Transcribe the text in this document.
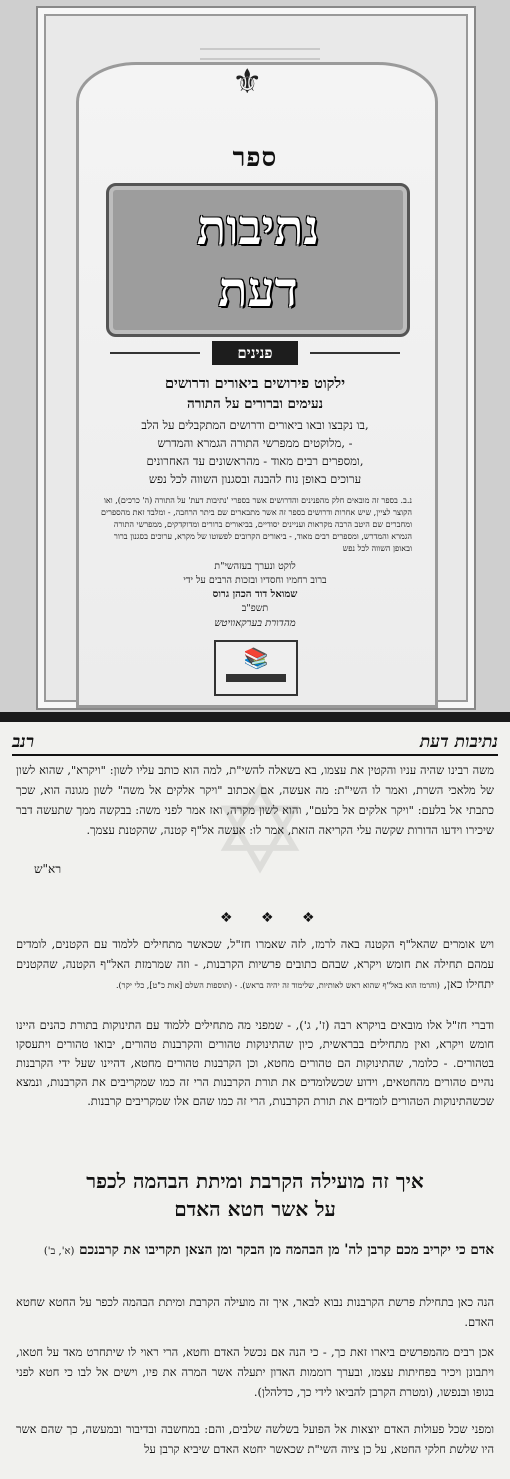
⚜
ספר
נתיבות
דעת
פנינים
ילקוט פירושים ביאורים ודרושים
נעימים וברורים על התורה
בו נקבצו ובאו ביאורים ודרושים המתקבלים על הלב,
מלוקטים ממפרשי התורה הגמרא והמדרש, -
ומספרים רבים מאוד - מהראשונים עד האחרונים,
ערוכים באופן נוח להבנה ובסגנון השווה לכל נפש
נ.ב. בספר זה מובאים חלק מהפנינים והדרושים אשר בספרי 'נתיבות דעת' על התורה (ה' כרכים), ואו הקוצר לציין, שיש אחרות ודרושים בספר זה אשר מתבארים שם ביתר הרחבה, - ומלבד זאת מהספרים ומחברים שם היטב הרבה מקראות ועניינים יסודיים, בביאורים ברורים ומדוקדקים, ממפרשי התורה הגמרא והמדרש, ומספרים רבים מאוד, - ביאורים הקרובים לפשוטו של מקרא, ערוכים בסגנון ברור ובאופן השווה לכל נפש
לוקט ונערך בעזהשי"ת
ברוב רחמיו וחסדיו ובזכות הרבים על ידי
שמואל דוד הכהן גרוס
תשפ"ב
מהדורת בערקאוויטש
📚

✡
נתיבות דעת
רנב
משה רבינו שהיה עניו והקטין את עצמו, בא בשאלה להשי"ת, למה הוא כותב עליו לשון: "ויקרא", שהוא לשון של מלאכי השרת, ואמר לו השי"ת: מה אעשה, אם אכתוב "ויקר אלקים אל משה" לשון מגונה הוא, שכך כתבתי אל בלעם: "ויקר אלקים אל בלעם", והוא לשון מקרה, ואז אמר לפני משה: בבקשה ממך שתעשה דבר שיכירו וידעו הדורות שקשה עלי הקריאה הזאת, אמר לו: אעשה אל"ף קטנה, שהקטנת עצמך.
רא"ש
❖ ❖ ❖
ויש אומרים שהאל"ף הקטנה באה לרמז, לזה שאמרו חז"ל, שכאשר מתחילים ללמוד עם הקטנים, לומדים עמהם תחילה את חומש ויקרא, שבהם כתובים פרשיות הקרבנות, - וזה שמרמזת האל"ף הקטנה, שהקטנים יתחילו כאן, (והרמז הוא באל"ף שהוא ראש לאותיות, שלימוד זה יהיה בראש). - (תוספות השלם [אות כ"ט], כלי יקר).
ודברי חז"ל אלו מובאים בויקרא רבה (ז', ג'), - שמפני מה מתחילים ללמוד עם התינוקות בתורת כהנים היינו חומש ויקרא, ואין מתחילים בבראשית, כיון שהתינוקות טהורים והקרבנות טהורים, יבואו טהורים ויתעסקו בטהורים. - כלומר, שהתינוקות הם טהורים מחטא, וכן הקרבנות טהורים מחטא, דהיינו שעל ידי הקרבנות נהיים טהורים מהחטאים, וידוע שכשלומדים את תורת הקרבנות הרי זה כמו שמקריבים את הקרבנות, ונמצא שכשהתינוקות הטהורים לומדים את תורת הקרבנות, הרי זה כמו שהם אלו שמקריבים קרבנות.
איך זה מועילה הקרבת ומיתת הבהמה לכפר
על אשר חטא האדם
אדם כי יקריב מכם קרבן לה' מן הבהמה מן הבקר ומן הצאן תקריבו את קרבנכם (א', ב')
הנה כאן בתחילת פרשת הקרבנות נבוא לבאר, איך זה מועילה הקרבת ומיתת הבהמה לכפר על החטא שחטא האדם.
אכן רבים מהמפרשים ביארו זאת כך, - כי הנה אם נכשל האדם וחטא, הרי ראוי לו שיתחרט מאד על חטאו, ויתבונן ויכיר בפחיתות עצמו, ובערך רוממות האדון יתעלה אשר המרה את פיו, וישים אל לבו כי חטא לפני בגופו ובנפשו, (ומטרת הקרבן להביאו לידי כך, כדלהלן).
ומפני שכל פעולות האדם יוצאות אל הפועל בשלשה שלבים, והם: במחשבה ובדיבור ובמעשה, כך שהם אשר היו שלשת חלקי החטא, על כן ציוה השי"ת שכאשר יחטא האדם שיביא קרבן על
